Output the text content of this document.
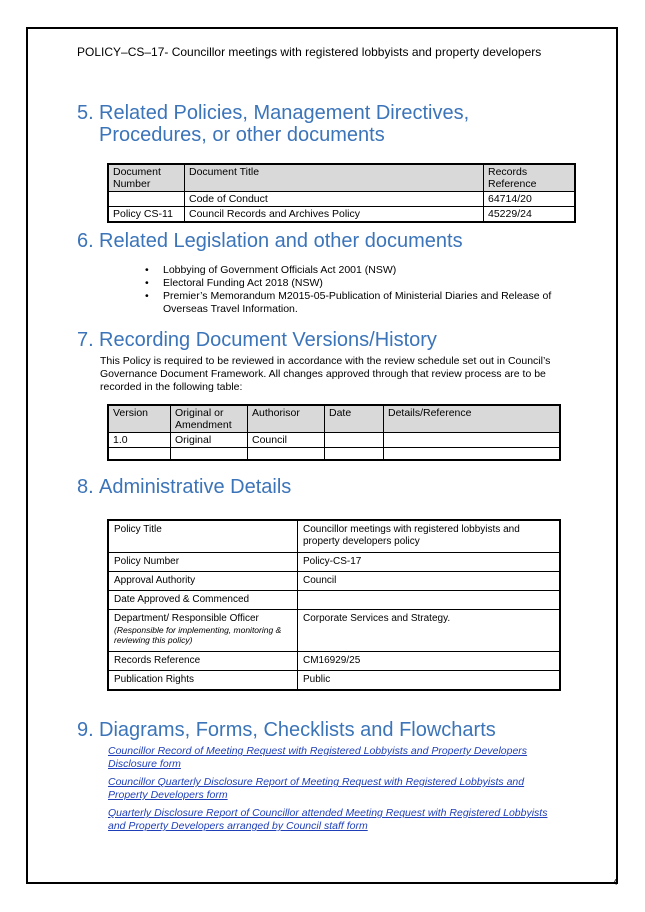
POLICY–CS–17- Councillor meetings with registered lobbyists and property developers
5. Related Policies, Management Directives,
Procedures, or other documents
Document Number	Document Title	Records Reference
	Code of Conduct	64714/20
Policy CS-11	Council Records and Archives Policy	45229/24
6. Related Legislation and other documents
• Lobbying of Government Officials Act 2001 (NSW)
• Electoral Funding Act 2018 (NSW)
• Premier’s Memorandum M2015-05-Publication of Ministerial Diaries and Release of Overseas Travel Information.
7. Recording Document Versions/History
This Policy is required to be reviewed in accordance with the review schedule set out in Council’s Governance Document Framework. All changes approved through that review process are to be recorded in the following table:
Version	Original or Amendment	Authorisor	Date	Details/Reference
1.0	Original	Council		

8. Administrative Details
Policy Title	Councillor meetings with registered lobbyists and property developers policy
Policy Number	Policy-CS-17
Approval Authority	Council
Date Approved & Commenced	
Department/ Responsible Officer
(Responsible for implementing, monitoring & reviewing this policy)	Corporate Services and Strategy.
Records Reference	CM16929/25
Publication Rights	Public
9. Diagrams, Forms, Checklists and Flowcharts
Councillor Record of Meeting Request with Registered Lobbyists and Property Developers Disclosure form
Councillor Quarterly Disclosure Report of Meeting Request with Registered Lobbyists and Property Developers form
Quarterly Disclosure Report of Councillor attended Meeting Request with Registered Lobbyists and Property Developers arranged by Council staff form
4
